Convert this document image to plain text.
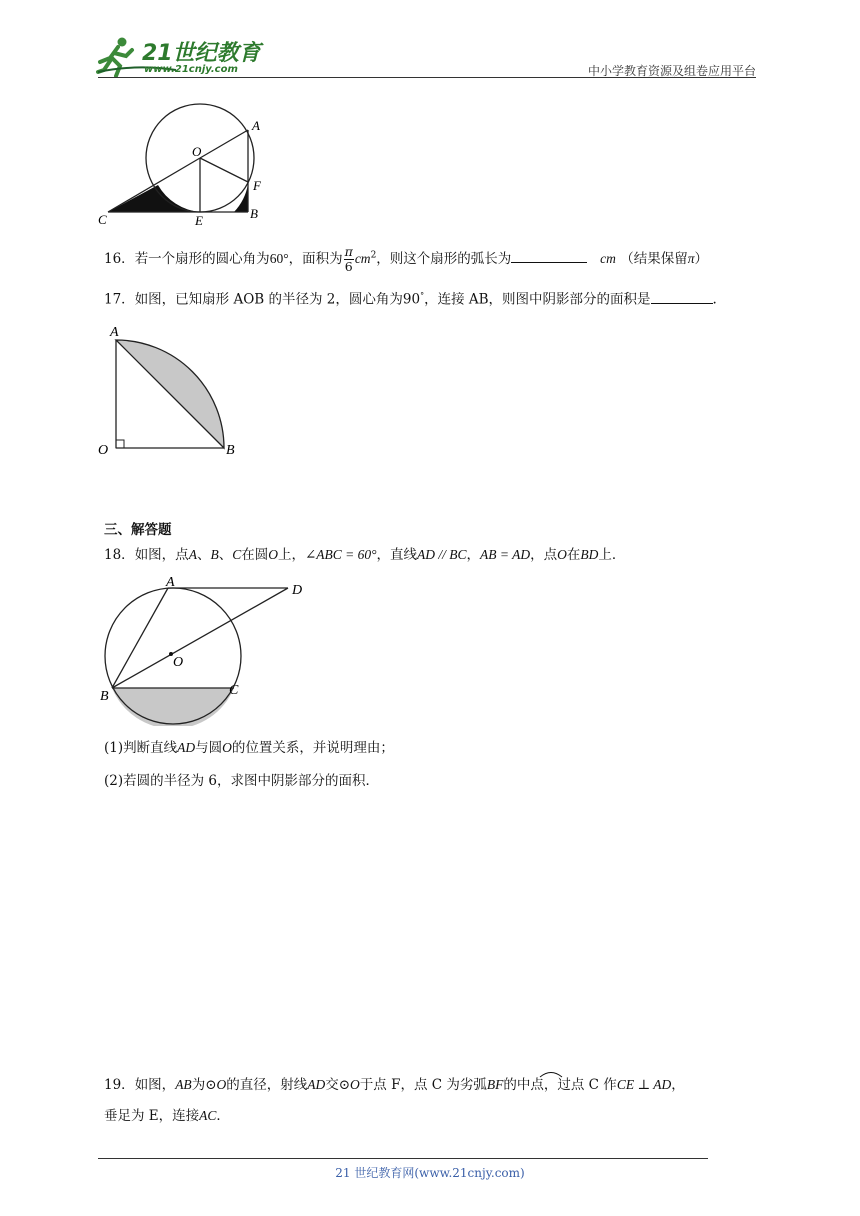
21世纪教育
www.21cnjy.com	中小学教育资源及组卷应用平台
O
A
F
C	E	B
16．若一个扇形的圆心角为60°，面积为 $\frac{\pi}{6} cm^2$，则这个扇形的弧长为	cm （结果保留π）
17．如图，已知扇形 AOB 的半径为 2，圆心角为90°，连接 AB，则图中阴影部分的面积是	.
A
O	B
三、解答题
18．如图，点A、B、C在圆O上，∠ABC = 60°，直线AD // BC，AB = AD，点O在BD上．
A
D
O
B	C
(1)判断直线AD与圆O的位置关系，并说明理由；
(2)若圆的半径为 6，求图中阴影部分的面积．
19．如图，AB为⊙O的直径，射线AD交⊙O于点 F，点 C 为劣弧BF的中点，过点 C 作CE ⊥ AD，
垂足为 E，连接AC．
21 世纪教育网(www.21cnjy.com)
